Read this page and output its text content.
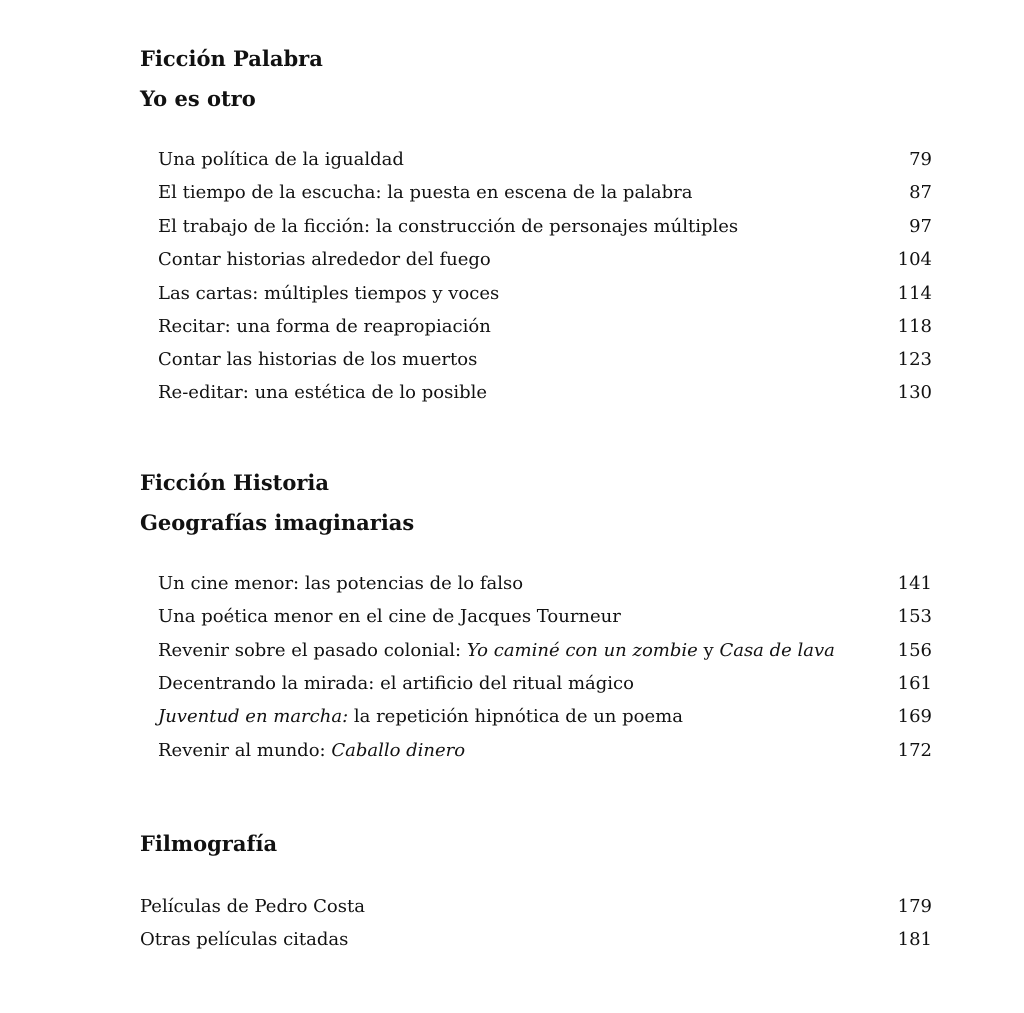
Ficción Palabra
Yo es otro
Una política de la igualdad	79
El tiempo de la escucha: la puesta en escena de la palabra	87
El trabajo de la ficción: la construcción de personajes múltiples	97
Contar historias alrededor del fuego	104
Las cartas: múltiples tiempos y voces	114
Recitar: una forma de reapropiación	118
Contar las historias de los muertos	123
Re-editar: una estética de lo posible	130
Ficción Historia
Geografías imaginarias
Un cine menor: las potencias de lo falso	141
Una poética menor en el cine de Jacques Tourneur	153
Revenir sobre el pasado colonial: Yo caminé con un zombie y Casa de lava	156
Decentrando la mirada: el artificio del ritual mágico	161
Juventud en marcha: la repetición hipnótica de un poema	169
Revenir al mundo: Caballo dinero	172
Filmografía
Películas de Pedro Costa	179
Otras películas citadas	181
